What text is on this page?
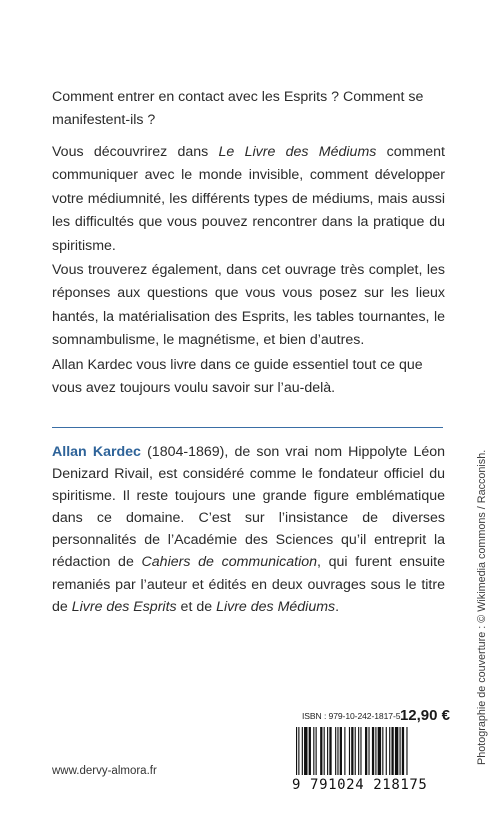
Comment entrer en contact avec les Esprits ? Comment se manifestent-ils ?

Vous découvrirez dans Le Livre des Médiums comment communiquer avec le monde invisible, comment développer votre médiumnité, les différents types de médiums, mais aussi les difficultés que vous pouvez rencontrer dans la pratique du spiritisme.

Vous trouverez également, dans cet ouvrage très complet, les réponses aux questions que vous vous posez sur les lieux hantés, la matérialisation des Esprits, les tables tournantes, le somnambulisme, le magnétisme, et bien d’autres.

Allan Kardec vous livre dans ce guide essentiel tout ce que vous avez toujours voulu savoir sur l’au-delà.

Allan Kardec (1804-1869), de son vrai nom Hippolyte Léon Denizard Rivail, est considéré comme le fondateur officiel du spiritisme. Il reste toujours une grande figure emblématique dans ce domaine. C’est sur l’insistance de diverses personnalités de l’Académie des Sciences qu’il entreprit la rédaction de Cahiers de communication, qui furent ensuite remaniés par l’auteur et édités en deux ouvrages sous le titre de Livre des Esprits et de Livre des Médiums.	Photographie de couverture : © Wikimedia commons / Racconish.
ISBN : 979-10-242-1817-5 12,90 €
9 791024 218175
www.dervy-almora.fr
